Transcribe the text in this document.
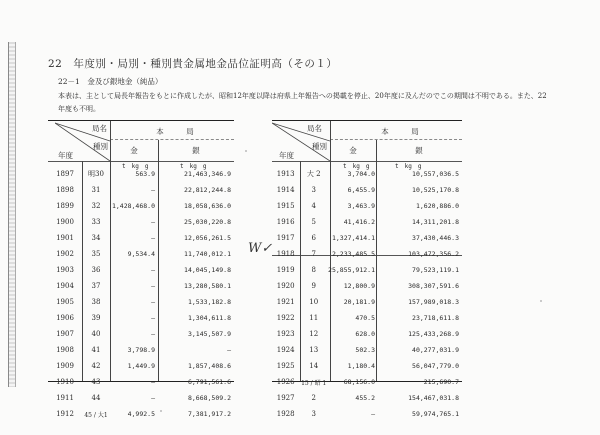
22　年度別・局別・種別貴金属地金品位証明高（その１）
22－1　金及び銀地金（純品）
本表は、主として局長年報告をもとに作成したが、昭和12年度以降は府県上年報告への掲載を停止、20年度に及んだのでこの期間は不明である。また、22年度も不明。
局名
種別
年度
本　　　局
金	銀
t　kg　g	t　kg　g
1897	明30	563.9	21,463,346.9
1898	31	—	22,812,244.8
1899	32	1,428,468.0	18,058,636.0
1900	33	—	25,030,220.8
1901	34	—	12,056,261.5
1902	35	9,534.4	11,740,012.1
1903	36	—	14,045,149.8
1904	37	—	13,280,580.1
1905	38	—	1,533,182.8
1906	39	—	1,304,611.8
1907	40	—	3,145,507.9
1908	41	3,798.9	—
1909	42	1,449.9	1,857,408.6
1910	43	—	6,791,561.6
1911	44	—	8,668,509.2
1912	45 / 大1	4,992.5	7,381,917.2
局名
種別
年度
本　　　局
金	銀
t　kg　g	t　kg　g
1913	大 2	3,704.0	10,557,036.5
1914	3	6,455.9	10,525,170.8
1915	4	3,463.9	1,620,886.0
1916	5	41,416.2	14,311,201.8
1917	6	1,327,414.1	37,430,446.3
1918	7	2,233,485.5	103,472,356.2
1919	8	25,855,912.1	79,523,119.1
1920	9	12,800.9	308,307,591.6
1921	10	20,181.9	157,989,018.3
1922	11	470.5	23,718,611.8
1923	12	628.0	125,433,268.9
1924	13	502.3	40,277,031.9
1925	14	1,180.4	56,047,779.0
1926	15 / 昭 1	68,156.0	215,690.7
1927	2	455.2	154,467,031.8
1928	3	—	59,974,765.1
W✓
